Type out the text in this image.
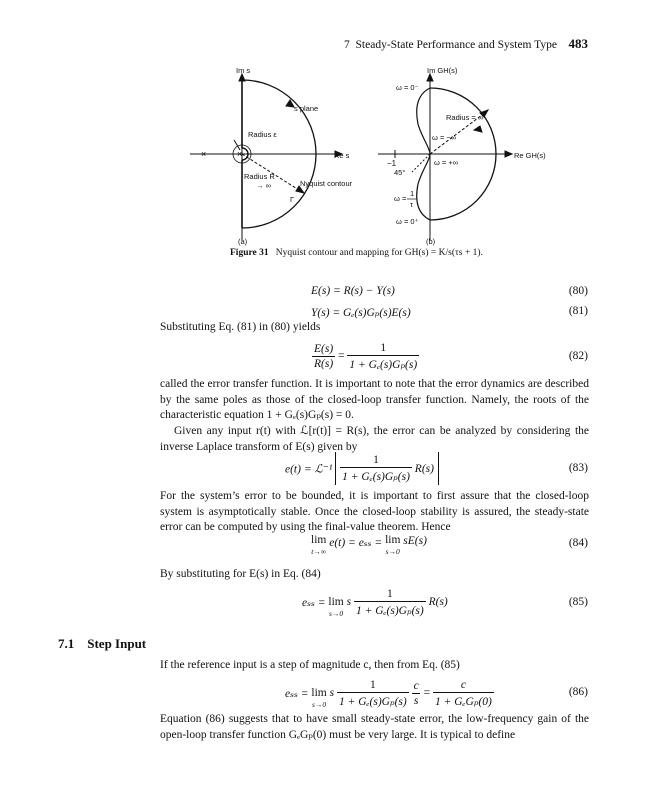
7 Steady-State Performance and System Type 483
×	×
Im s
Re s
s plane
Radius ε
Radius R
→ ∞	Nyquist contour
Γ
(a)
Im GH(s)
Re GH(s)
ω = 0⁻
Radius = ∞
ω = −∞
ω = +∞
−1
45°
ω =
1
τ
ω = 0⁺
(b)
Figure 31 Nyquist contour and mapping for GH(s) = K/s(τs + 1).
E(s) = R(s) − Y(s)	(80)
Y(s) = Gₑ(s)Gₚ(s)E(s)	(81)
Substituting Eq. (81) in (80) yields
$\frac{E(s)}{R(s)} = \frac{1}{\text{1 + Gₑ(s)Gₚ(s)}}$	(82)
called the error transfer function. It is important to note that the error dynamics are described by the same poles as those of the closed-loop transfer function. Namely, the roots of the characteristic equation 1 + Gₑ(s)Gₚ(s) = 0.
Given any input r(t) with ℒ[r(t)] = R(s), the error can be analyzed by considering the inverse Laplace transform of E(s) given by
e(t) = ℒ⁻¹ $\frac{1}{\text{1 + Gₑ(s)Gₚ(s)}}$
R(s)	(83)
For the system’s error to be bounded, it is important to first assure that the closed-loop system is asymptotically stable. Once the closed-loop stability is assured, the steady-state error can be computed by using the final-value theorem. Hence
lim
t→∞
e(t) = eₛₛ = lim
s→0
sE(s)	(84)
By substituting for E(s) in Eq. (84)
eₛₛ = lim
s→0
s $\frac{1}{\text{1 + Gₑ(s)Gₚ(s)}} R(s)$	(85)
7.1 Step Input
If the reference input is a step of magnitude c, then from Eq. (85)
eₛₛ = lim
s→0
s $\frac{1}{\text{1 + Gₑ(s)Gₚ(s)}}$
$\frac{c}{s} = \frac{c}{\text{1 + GₑGₚ(0)}}$	(86)
Equation (86) suggests that to have small steady-state error, the low-frequency gain of the open-loop transfer function GₑGₚ(0) must be very large. It is typical to define
